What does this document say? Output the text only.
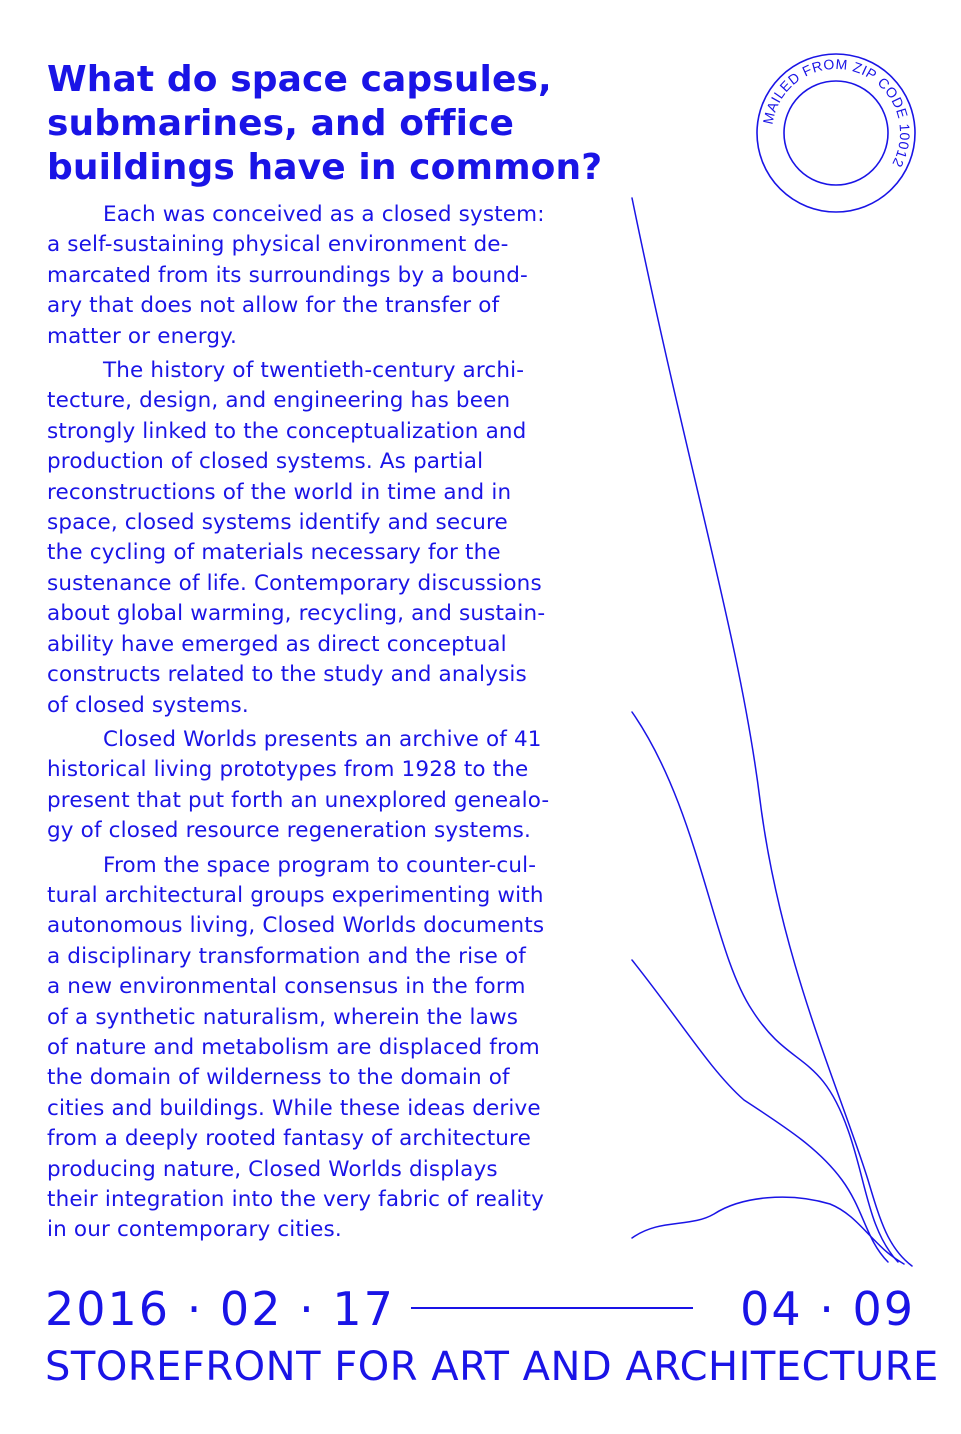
What do space capsules,
submarines, and office
buildings have in common?
MAILED FROM ZIP CODE 10012

Each was conceived as a closed system:
a self-sustaining physical environment de-
marcated from its surroundings by a bound-
ary that does not allow for the transfer of
matter or energy.

The history of twentieth-century archi-
tecture, design, and engineering has been
strongly linked to the conceptualization and
production of closed systems. As partial
reconstructions of the world in time and in
space, closed systems identify and secure
the cycling of materials necessary for the
sustenance of life. Contemporary discussions
about global warming, recycling, and sustain-
ability have emerged as direct conceptual
constructs related to the study and analysis
of closed systems.

Closed Worlds presents an archive of 41
historical living prototypes from 1928 to the
present that put forth an unexplored genealo-
gy of closed resource regeneration systems.

From the space program to counter-cul-
tural architectural groups experimenting with
autonomous living, Closed Worlds documents
a disciplinary transformation and the rise of
a new environmental consensus in the form
of a synthetic naturalism, wherein the laws
of nature and metabolism are displaced from
the domain of wilderness to the domain of
cities and buildings. While these ideas derive
from a deeply rooted fantasy of architecture
producing nature, Closed Worlds displays
their integration into the very fabric of reality
in our contemporary cities.

2016 · 02 · 17	04 · 09
STOREFRONT FOR ART AND ARCHITECTURE
